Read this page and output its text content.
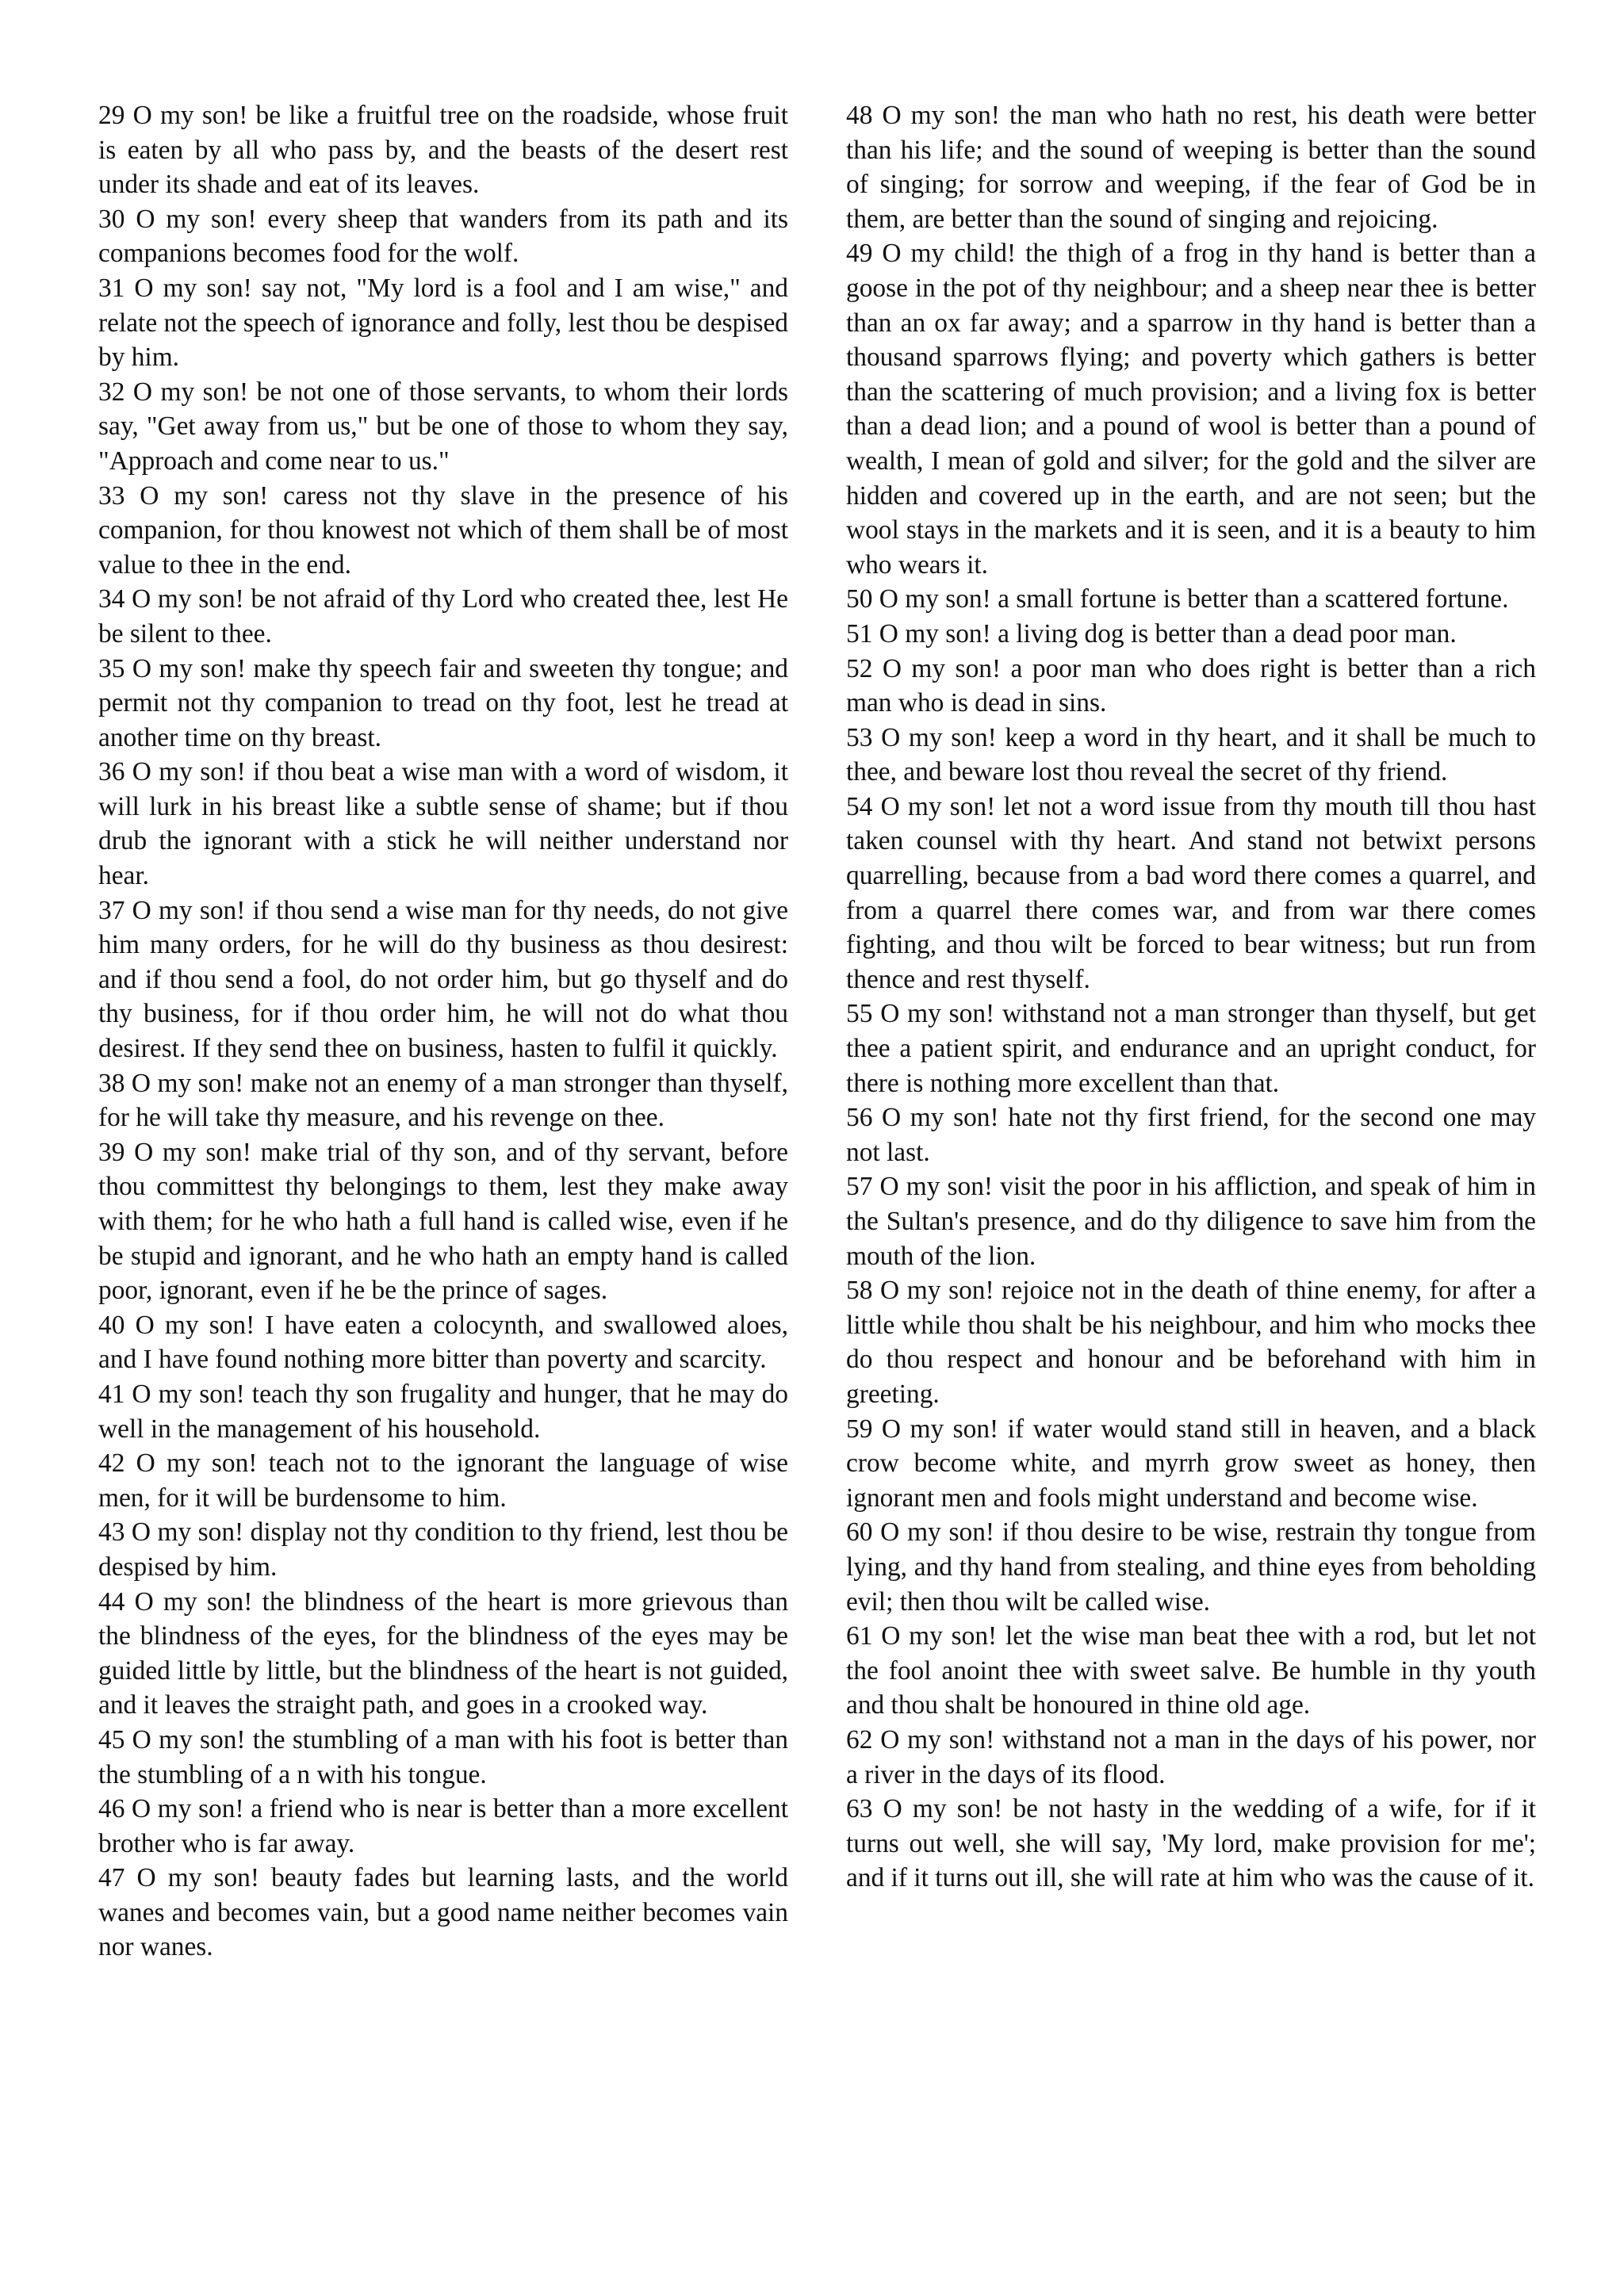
29 O my son! be like a fruitful tree on the roadside, whose fruit is eaten by all who pass by, and the beasts of the desert rest under its shade and eat of its leaves.

30 O my son! every sheep that wanders from its path and its companions becomes food for the wolf.

31 O my son! say not, "My lord is a fool and I am wise," and relate not the speech of ignorance and folly, lest thou be despised by him.

32 O my son! be not one of those servants, to whom their lords say, "Get away from us," but be one of those to whom they say, "Approach and come near to us."

33 O my son! caress not thy slave in the presence of his companion, for thou knowest not which of them shall be of most value to thee in the end.

34 O my son! be not afraid of thy Lord who created thee, lest He be silent to thee.

35 O my son! make thy speech fair and sweeten thy tongue; and permit not thy companion to tread on thy foot, lest he tread at another time on thy breast.

36 O my son! if thou beat a wise man with a word of wisdom, it will lurk in his breast like a subtle sense of shame; but if thou drub the ignorant with a stick he will neither understand nor hear.

37 O my son! if thou send a wise man for thy needs, do not give him many orders, for he will do thy business as thou desirest: and if thou send a fool, do not order him, but go thyself and do thy business, for if thou order him, he will not do what thou desirest. If they send thee on business, hasten to fulfil it quickly.

38 O my son! make not an enemy of a man stronger than thyself, for he will take thy measure, and his revenge on thee.

39 O my son! make trial of thy son, and of thy servant, before thou committest thy belongings to them, lest they make away with them; for he who hath a full hand is called wise, even if he be stupid and ignorant, and he who hath an empty hand is called poor, ignorant, even if he be the prince of sages.

40 O my son! I have eaten a colocynth, and swallowed aloes, and I have found nothing more bitter than poverty and scarcity.

41 O my son! teach thy son frugality and hunger, that he may do well in the management of his household.

42 O my son! teach not to the ignorant the language of wise men, for it will be burdensome to him.

43 O my son! display not thy condition to thy friend, lest thou be despised by him.

44 O my son! the blindness of the heart is more grievous than the blindness of the eyes, for the blindness of the eyes may be guided little by little, but the blindness of the heart is not guided, and it leaves the straight path, and goes in a crooked way.

45 O my son! the stumbling of a man with his foot is better than the stumbling of a n with his tongue.

46 O my son! a friend who is near is better than a more excellent brother who is far away.

47 O my son! beauty fades but learning lasts, and the world wanes and becomes vain, but a good name neither becomes vain nor wanes.

48 O my son! the man who hath no rest, his death were better than his life; and the sound of weeping is better than the sound of singing; for sorrow and weeping, if the fear of God be in them, are better than the sound of singing and rejoicing.

49 O my child! the thigh of a frog in thy hand is better than a goose in the pot of thy neighbour; and a sheep near thee is better than an ox far away; and a sparrow in thy hand is better than a thousand sparrows flying; and poverty which gathers is better than the scattering of much provision; and a living fox is better than a dead lion; and a pound of wool is better than a pound of wealth, I mean of gold and silver; for the gold and the silver are hidden and covered up in the earth, and are not seen; but the wool stays in the markets and it is seen, and it is a beauty to him who wears it.

50 O my son! a small fortune is better than a scattered fortune.

51 O my son! a living dog is better than a dead poor man.

52 O my son! a poor man who does right is better than a rich man who is dead in sins.

53 O my son! keep a word in thy heart, and it shall be much to thee, and beware lost thou reveal the secret of thy friend.

54 O my son! let not a word issue from thy mouth till thou hast taken counsel with thy heart. And stand not betwixt persons quarrelling, because from a bad word there comes a quarrel, and from a quarrel there comes war, and from war there comes fighting, and thou wilt be forced to bear witness; but run from thence and rest thyself.

55 O my son! withstand not a man stronger than thyself, but get thee a patient spirit, and endurance and an upright conduct, for there is nothing more excellent than that.

56 O my son! hate not thy first friend, for the second one may not last.

57 O my son! visit the poor in his affliction, and speak of him in the Sultan's presence, and do thy diligence to save him from the mouth of the lion.

58 O my son! rejoice not in the death of thine enemy, for after a little while thou shalt be his neighbour, and him who mocks thee do thou respect and honour and be beforehand with him in greeting.

59 O my son! if water would stand still in heaven, and a black crow become white, and myrrh grow sweet as honey, then ignorant men and fools might understand and become wise.

60 O my son! if thou desire to be wise, restrain thy tongue from lying, and thy hand from stealing, and thine eyes from beholding evil; then thou wilt be called wise.

61 O my son! let the wise man beat thee with a rod, but let not the fool anoint thee with sweet salve. Be humble in thy youth and thou shalt be honoured in thine old age.

62 O my son! withstand not a man in the days of his power, nor a river in the days of its flood.

63 O my son! be not hasty in the wedding of a wife, for if it turns out well, she will say, 'My lord, make provision for me'; and if it turns out ill, she will rate at him who was the cause of it.
